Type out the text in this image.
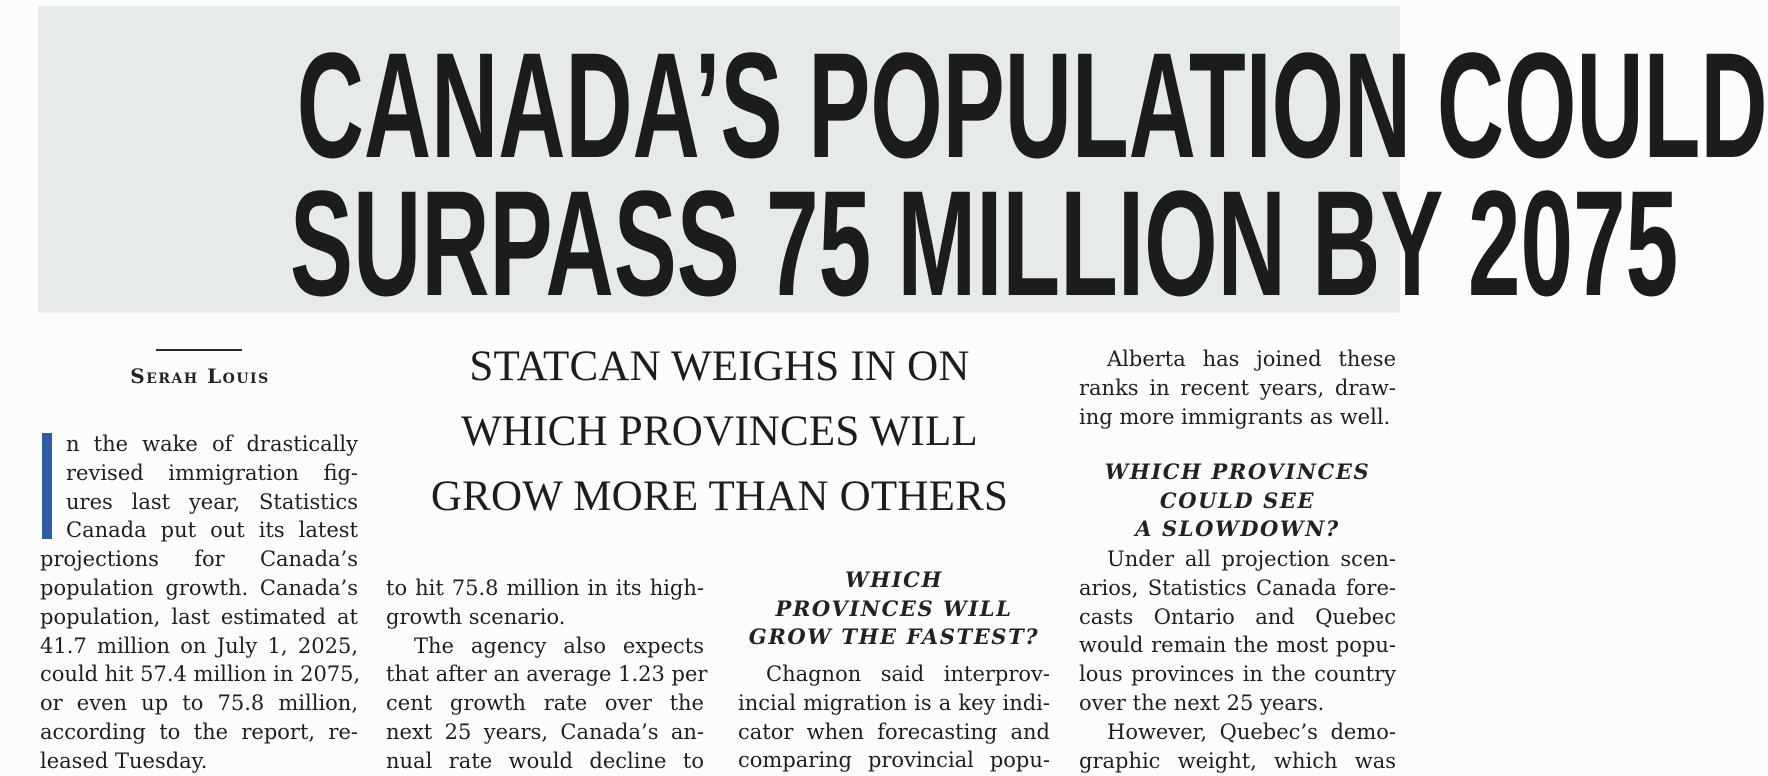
CANADA’S POPULATION COULD
SURPASS 75 MILLION BY 2075
Serah Louis	STATCAN WEIGHS IN ON
WHICH PROVINCES WILL
GROW MORE THAN OTHERS
n the wake of drastically
revised immigration fig-
ures last year, Statistics
Canada put out its latest
projections for Canada’s
population growth. Canada’s
population, last estimated at
41.7 million on July 1, 2025,
could hit 57.4 million in 2075,
or even up to 75.8 million,
according to the report, re-
leased Tuesday.
to hit 75.8 million in its high-
growth scenario.
The agency also expects
that after an average 1.23 per
cent growth rate over the
next 25 years, Canada’s an-
nual rate would decline to
WHICH
PROVINCES WILL
GROW THE FASTEST?
Chagnon said interprov-
incial migration is a key indi-
cator when forecasting and
comparing provincial popu-
Alberta has joined these
ranks in recent years, draw-
ing more immigrants as well.
WHICH PROVINCES
COULD SEE
A SLOWDOWN?
Under all projection scen-
arios, Statistics Canada fore-
casts Ontario and Quebec
would remain the most popu-
lous provinces in the country
over the next 25 years.
However, Quebec’s demo-
graphic weight, which was
